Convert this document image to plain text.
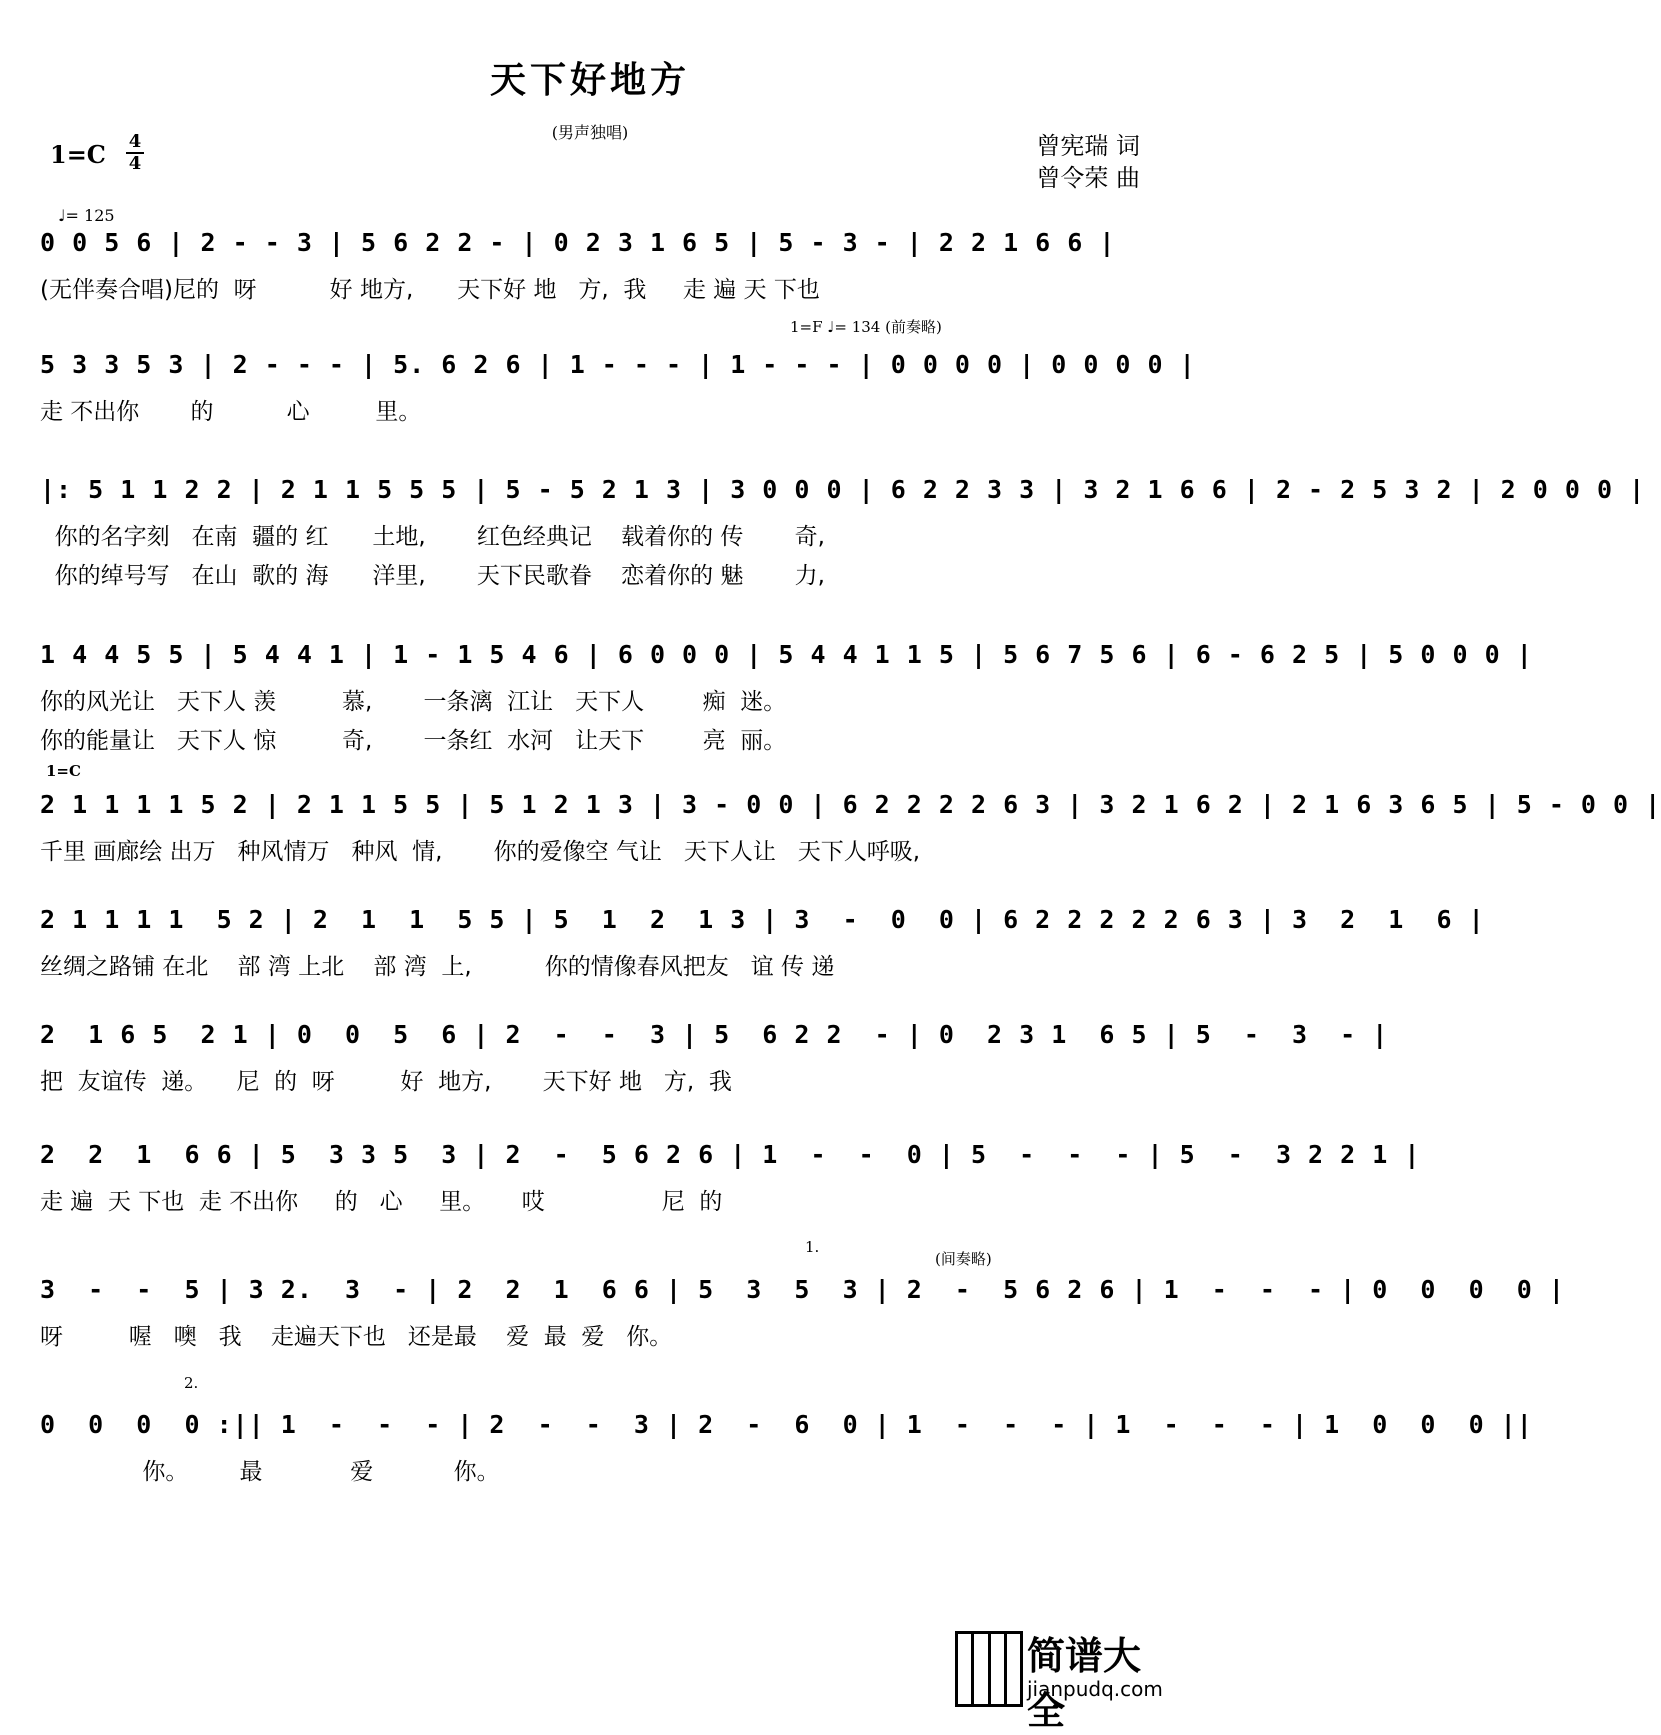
天下好地方
(男声独唱)
1=C 4
4
曾宪瑞 词
曾令荣 曲
♩= 125
1=F ♩= 134 (前奏略)
1=C
1.
(间奏略)
2.
0 0 5 6 | 2 - - 3 | 5 6 2 2 - | 0 2 3 1 6 5 | 5 - 3 - | 2 2 1 6 6 |
(无伴奏合唱)尼的  呀          好 地方,      天下好 地   方,  我     走 遍 天 下也
5 3 3 5 3 | 2 - - - | 5. 6 2 6 | 1 - - - | 1 - - - | 0 0 0 0 | 0 0 0 0 |
走 不出你       的          心         里。
|: 5 1 1 2 2 | 2 1 1 5 5 5 | 5 - 5 2 1 3 | 3 0 0 0 | 6 2 2 3 3 | 3 2 1 6 6 | 2 - 2 5 3 2 | 2 0 0 0 |
你的名字刻   在南  疆的 红      土地,       红色经典记    载着你的 传       奇,
你的绰号写   在山  歌的 海      洋里,       天下民歌眷    恋着你的 魅       力,
1 4 4 5 5 | 5 4 4 1 | 1 - 1 5 4 6 | 6 0 0 0 | 5 4 4 1 1 5 | 5 6 7 5 6 | 6 - 6 2 5 | 5 0 0 0 |
你的风光让   天下人 羡         慕,       一条漓  江让   天下人        痴  迷。
你的能量让   天下人 惊         奇,       一条红  水河   让天下        亮  丽。
2 1 1 1 1 5 2 | 2 1 1 5 5 | 5 1 2 1 3 | 3 - 0 0 | 6 2 2 2 2 6 3 | 3 2 1 6 2 | 2 1 6 3 6 5 | 5 - 0 0 |
千里 画廊绘 出万   种风情万   种风  情,       你的爱像空 气让   天下人让   天下人呼吸,
2 1 1 1 1  5 2 | 2  1  1  5 5 | 5  1  2  1 3 | 3  -  0  0 | 6 2 2 2 2 2 6 3 | 3  2  1  6 |
丝绸之路铺 在北    部 湾 上北    部 湾  上,          你的情像春风把友   谊 传 递
2  1 6 5  2 1 | 0  0  5  6 | 2  -  -  3 | 5  6 2 2  - | 0  2 3 1  6 5 | 5  -  3  - |
把  友谊传  递。    尼  的  呀         好  地方,       天下好 地   方,  我
2  2  1  6 6 | 5  3 3 5  3 | 2  -  5 6 2 6 | 1  -  -  0 | 5  -  -  - | 5  -  3 2 2 1 |
走 遍  天 下也  走 不出你     的   心     里。     哎                尼  的
3  -  -  5 | 3 2.  3  - | 2  2  1  6 6 | 5  3  5  3 | 2  -  5 6 2 6 | 1  -  -  - | 0  0  0  0 |
呀         喔   噢   我    走遍天下也   还是最    爱  最  爱   你。
0  0  0  0 :|| 1  -  -  - | 2  -  -  3 | 2  -  6  0 | 1  -  -  - | 1  -  -  - | 1  0  0  0 ||
你。       最            爱           你。
简谱大全
jianpudq.com
